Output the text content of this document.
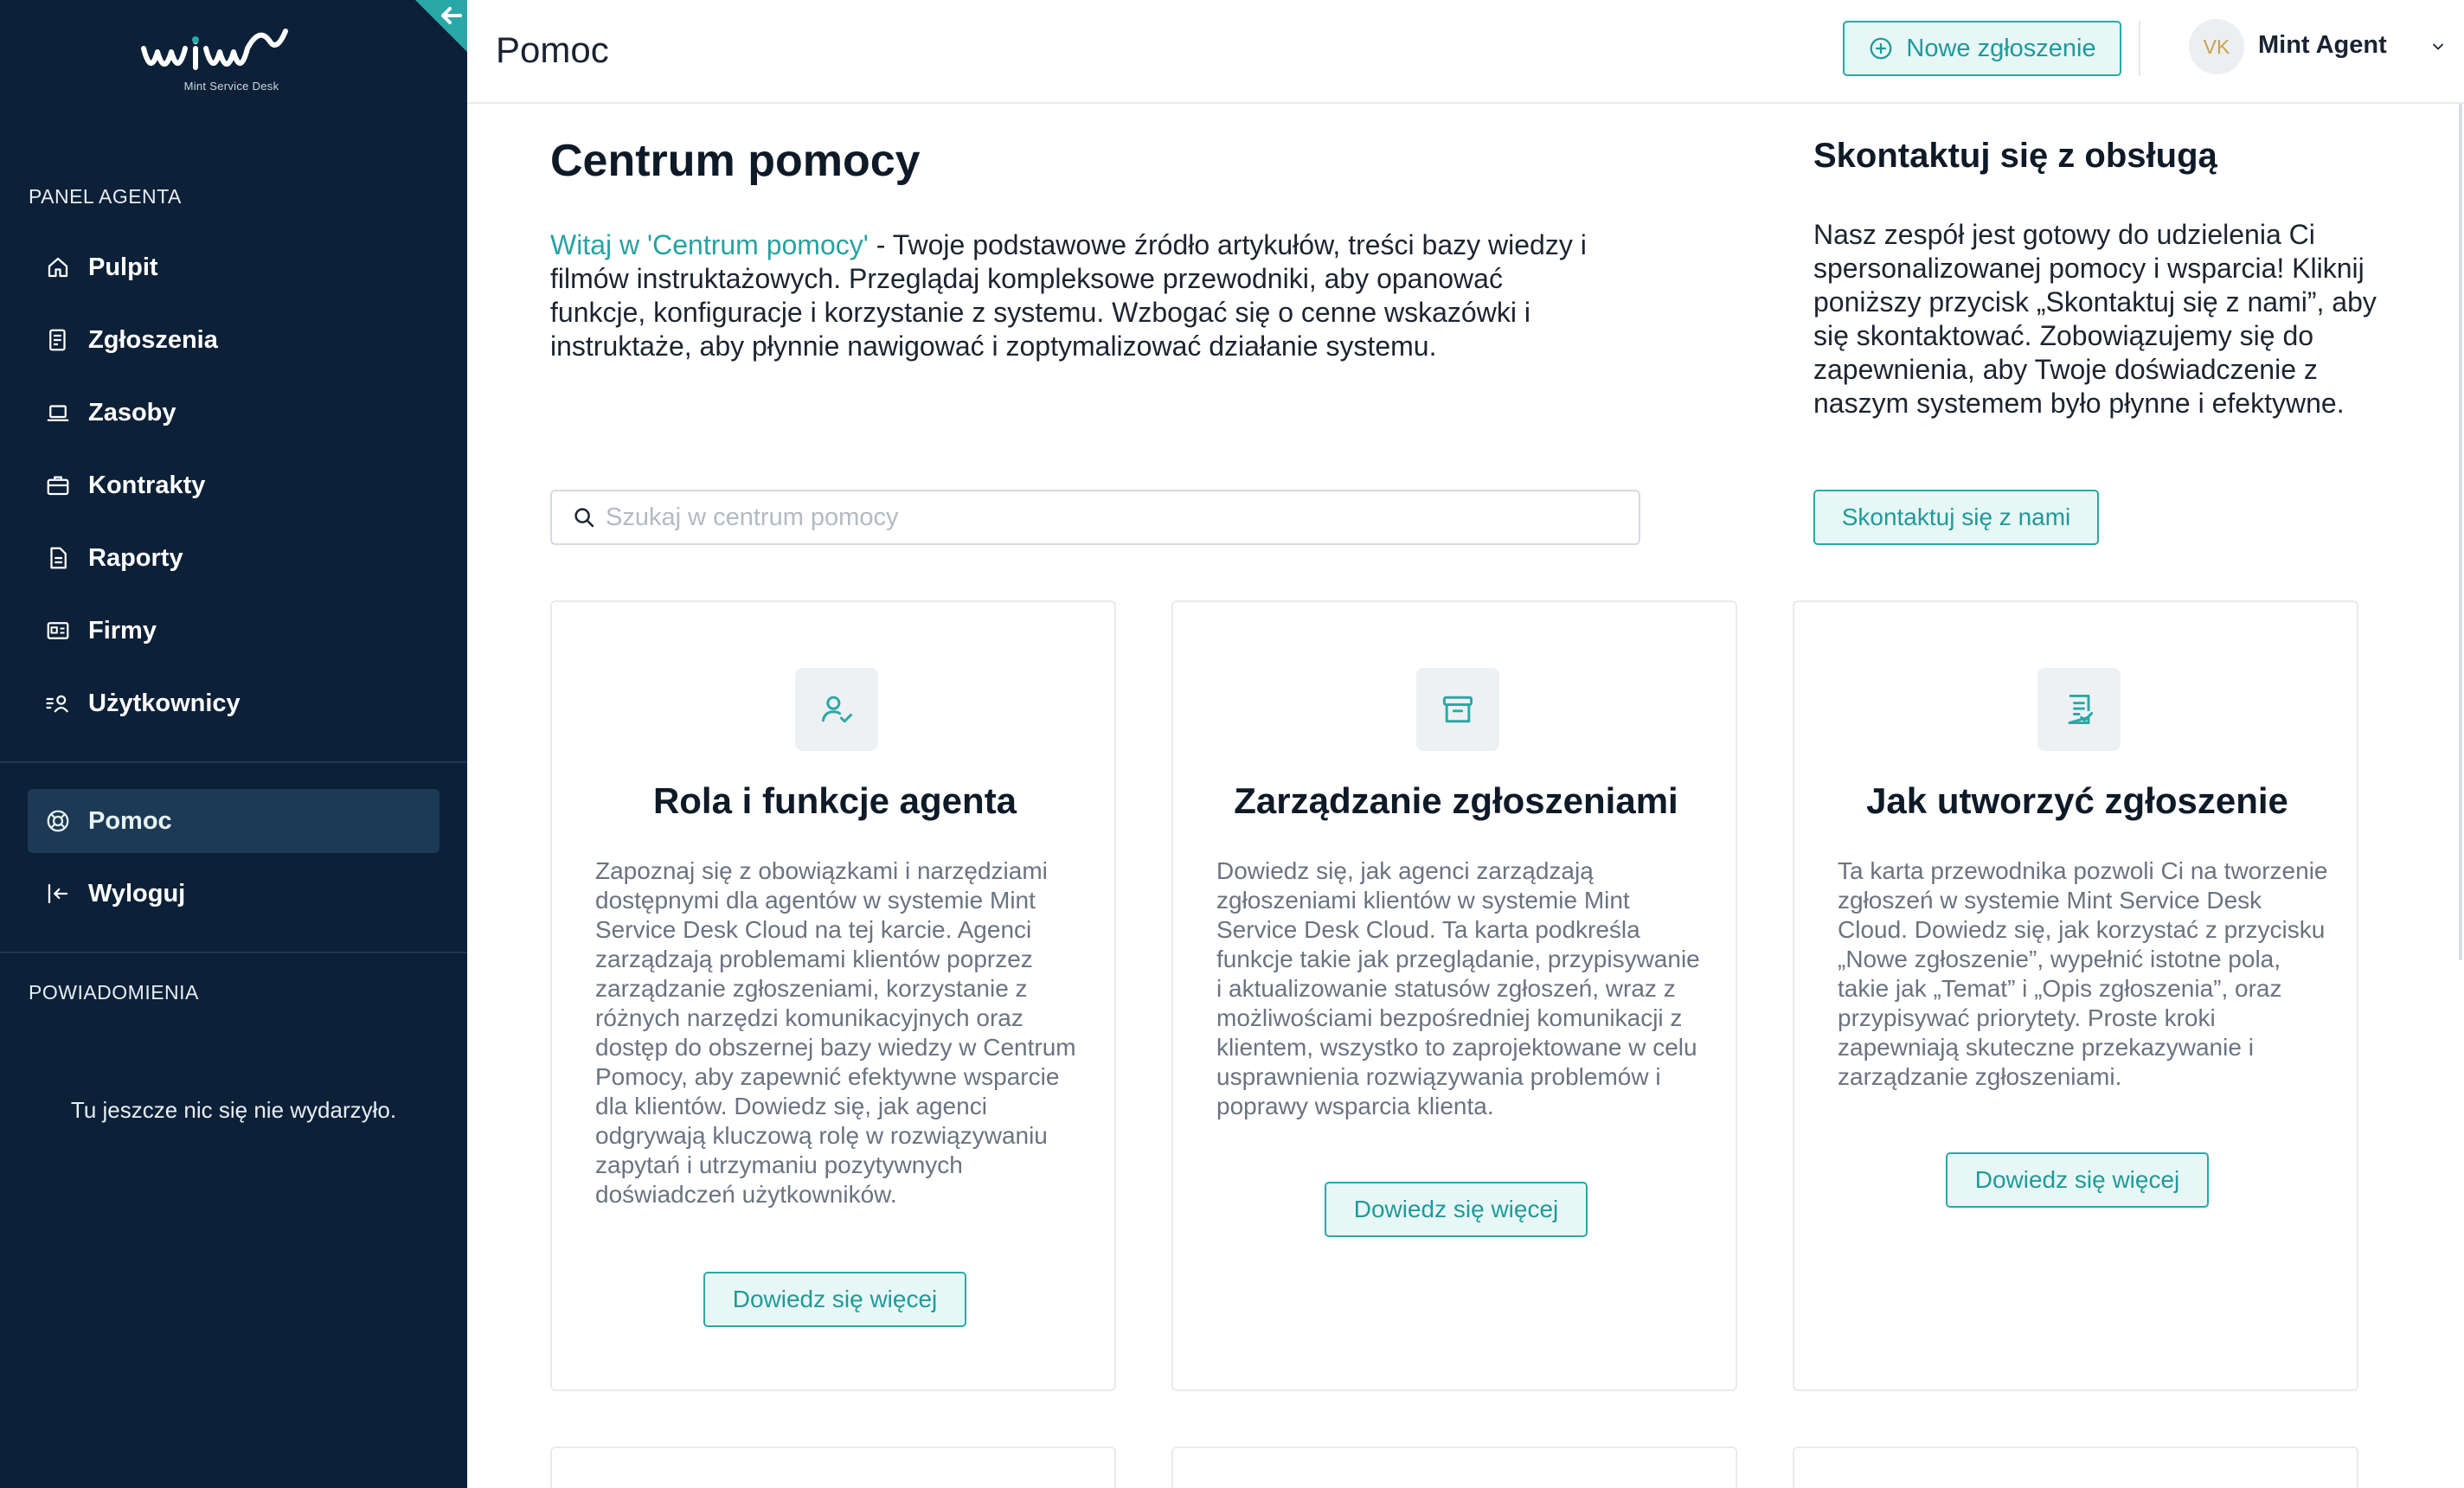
Mint Service Desk
PANEL AGENTA
Pulpit
Zgłoszenia
Zasoby
Kontrakty
Raporty
Firmy
Użytkownicy
Pomoc
Wyloguj
POWIADOMIENIA
Tu jeszcze nic się nie wydarzyło.
Pomoc	Nowe zgłoszenie	VK	Mint Agent
Centrum pomocy

Witaj w 'Centrum pomocy' - Twoje podstawowe źródło artykułów, treści bazy wiedzy i filmów instruktażowych. Przeglądaj kompleksowe przewodniki, aby opanować funkcje, konfiguracje i korzystanie z systemu. Wzbogać się o cenne wskazówki i instruktaże, aby płynnie nawigować i zoptymalizować działanie systemu.

Skontaktuj się z obsługą

Nasz zespół jest gotowy do udzielenia Ci spersonalizowanej pomocy i wsparcia! Kliknij poniższy przycisk „Skontaktuj się z nami”, aby się skontaktować. Zobowiązujemy się do zapewnienia, aby Twoje doświadczenie z naszym systemem było płynne i efektywne.

Skontaktuj się z nami
Szukaj w centrum pomocy
Rola i funkcje agenta

Zapoznaj się z obowiązkami i narzędziami dostępnymi dla agentów w systemie Mint Service Desk Cloud na tej karcie. Agenci zarządzają problemami klientów poprzez zarządzanie zgłoszeniami, korzystanie z różnych narzędzi komunikacyjnych oraz dostęp do obszernej bazy wiedzy w Centrum Pomocy, aby zapewnić efektywne wsparcie dla klientów. Dowiedz się, jak agenci odgrywają kluczową rolę w rozwiązywaniu zapytań i utrzymaniu pozytywnych doświadczeń użytkowników.

Dowiedz się więcej
Zarządzanie zgłoszeniami

Dowiedz się, jak agenci zarządzają zgłoszeniami klientów w systemie Mint Service Desk Cloud. Ta karta podkreśla funkcje takie jak przeglądanie, przypisywanie i aktualizowanie statusów zgłoszeń, wraz z możliwościami bezpośredniej komunikacji z klientem, wszystko to zaprojektowane w celu usprawnienia rozwiązywania problemów i poprawy wsparcia klienta.

Dowiedz się więcej
Jak utworzyć zgłoszenie

Ta karta przewodnika pozwoli Ci na tworzenie zgłoszeń w systemie Mint Service Desk Cloud. Dowiedz się, jak korzystać z przycisku „Nowe zgłoszenie”, wypełnić istotne pola, takie jak „Temat” i „Opis zgłoszenia”, oraz przypisywać priorytety. Proste kroki zapewniają skuteczne przekazywanie i zarządzanie zgłoszeniami.

Dowiedz się więcej
